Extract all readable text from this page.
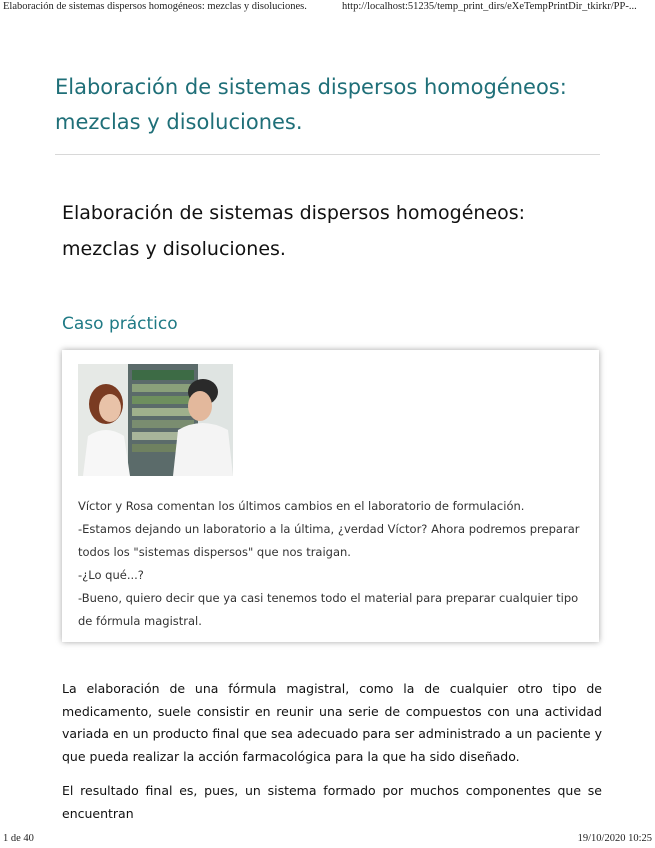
Elaboración de sistemas dispersos homogéneos: mezclas y disoluciones.	http://localhost:51235/temp_print_dirs/eXeTempPrintDir_tkirkr/PP-...
Elaboración de sistemas dispersos homogéneos: mezclas y disoluciones.
Elaboración de sistemas dispersos homogéneos: mezclas y disoluciones.
Caso práctico

Víctor y Rosa comentan los últimos cambios en el laboratorio de formulación.

-Estamos dejando un laboratorio a la última, ¿verdad Víctor? Ahora podremos preparar todos los "sistemas dispersos" que nos traigan.

-¿Lo qué...?

-Bueno, quiero decir que ya casi tenemos todo el material para preparar cualquier tipo de fórmula magistral.

La elaboración de una fórmula magistral, como la de cualquier otro tipo de medicamento, suele consistir en reunir una serie de compuestos con una actividad variada en un producto final que sea adecuado para ser administrado a un paciente y que pueda realizar la acción farmacológica para la que ha sido diseñado.

El resultado final es, pues, un sistema formado por muchos componentes que se encuentran

1 de 40	19/10/2020 10:25
